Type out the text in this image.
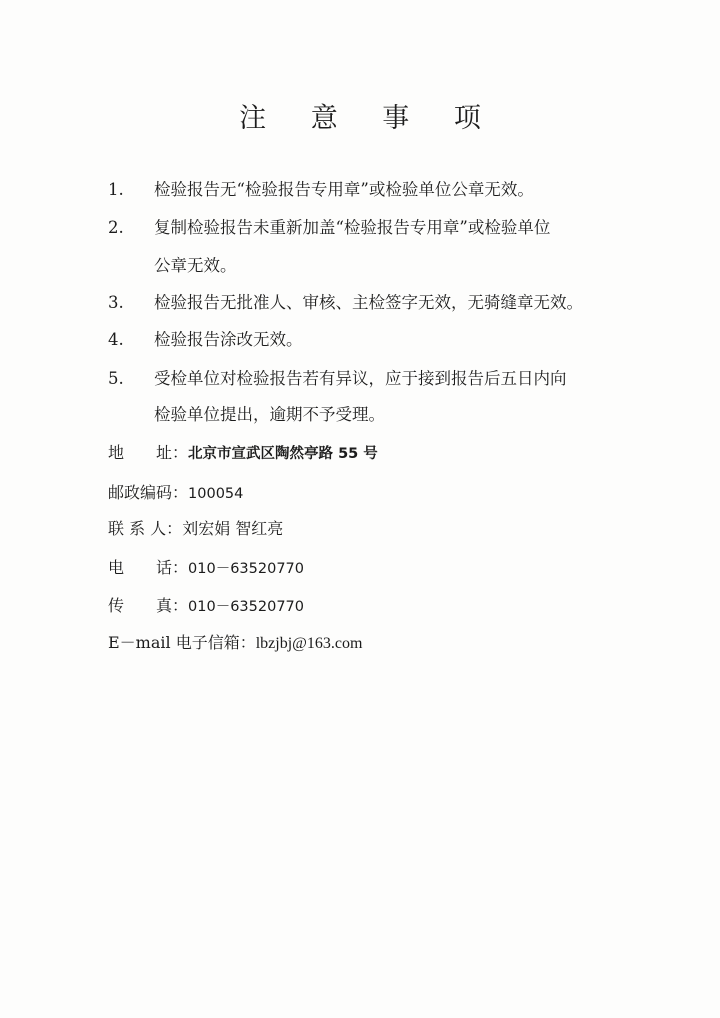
注 意 事 项
1. 检验报告无“检验报告专用章”或检验单位公章无效。
2. 复制检验报告未重新加盖“检验报告专用章”或检验单位
公章无效。
3. 检验报告无批准人、审核、主检签字无效，无骑缝章无效。
4. 检验报告涂改无效。
5. 受检单位对检验报告若有异议，应于接到报告后五日内向
检验单位提出，逾期不予受理。
地　　址：北京市宣武区陶然亭路 55 号
邮政编码：100054
联 系 人：刘宏娟 智红亮
电　　话：010－63520770
传　　真：010－63520770
E－mail 电子信箱：lbzjbj@163.com
